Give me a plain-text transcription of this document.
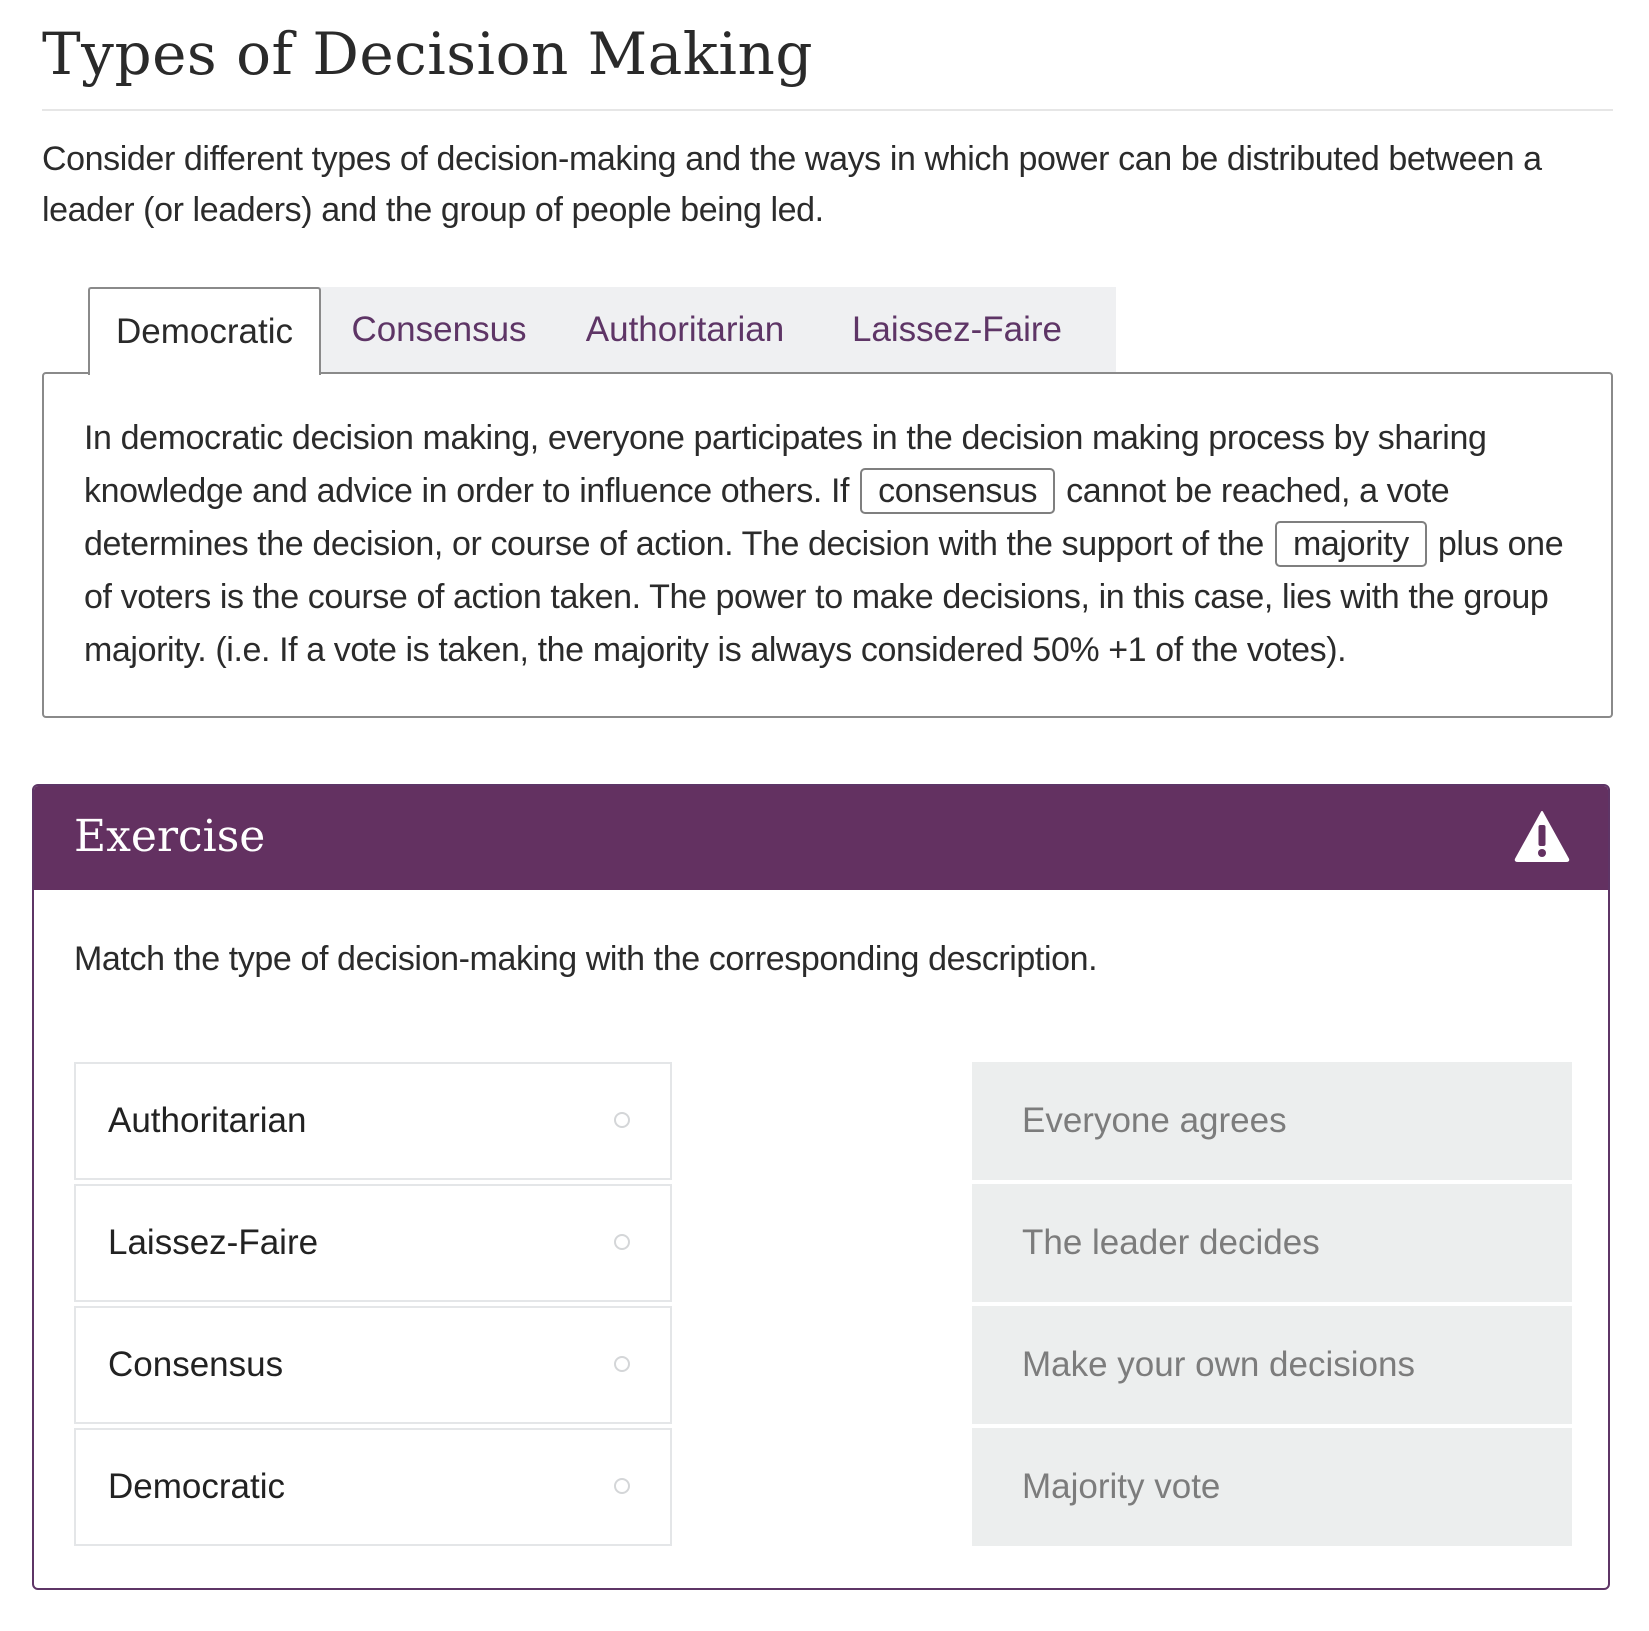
Types of Decision Making

Consider different types of decision-making and the ways in which power can be distributed between a leader (or leaders) and the group of people being led.

Democratic	Consensus	Authoritarian	Laissez-Faire

In democratic decision making, everyone participates in the decision making process by sharing knowledge and advice in order to influence others. If consensus cannot be reached, a vote determines the decision, or course of action. The decision with the support of the majority plus one of voters is the course of action taken. The power to make decisions, in this case, lies with the group majority. (i.e. If a vote is taken, the majority is always considered 50% +1 of the votes).

Exercise

Match the type of decision-making with the corresponding description.

Authoritarian
Laissez-Faire
Consensus
Democratic
Everyone agrees
The leader decides
Make your own decisions
Majority vote
